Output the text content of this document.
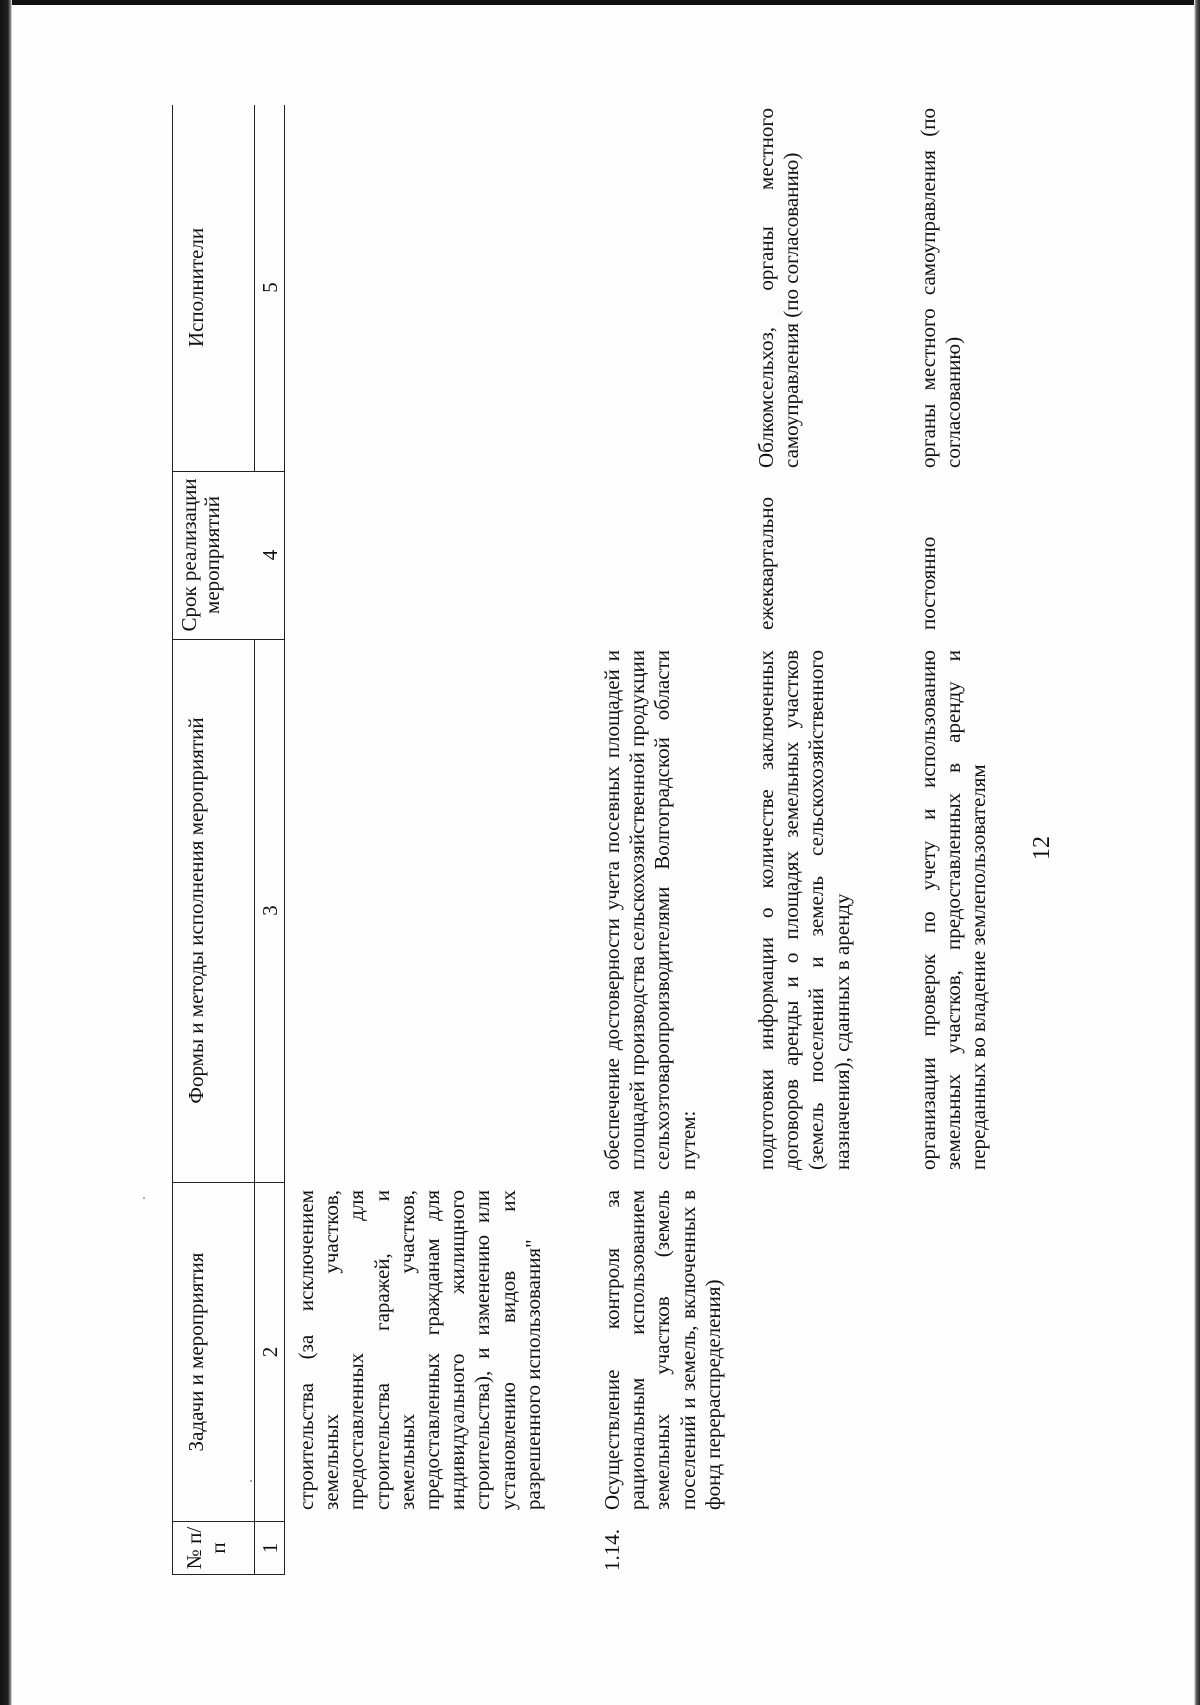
12
№ п/п
Задачи и мероприятия
Формы и методы исполнения мероприятий
Срок реализации мероприятий
Исполнители
1
2
3
4
5
строительства (за исключением земельных участков, предоставленных для строительства гаражей, и земельных участков, предоставленных гражданам для индивидуального жилищного строительства), и изменению или установлению видов их разрешенного использования"
1.14.
Осуществление контроля за рациональным использованием земельных участков (земель поселений и земель, включенных в фонд перераспределения)
обеспечение достоверности учета посевных площадей и площадей производства сельскохозяйственной продукции сельхозтоваропроизводителями Волгоградской области путем:	подготовки информации о количестве заключенных договоров аренды и о площадях земельных участков (земель поселений и земель сельскохозяйственного назначения), сданных в аренду
ежеквартально
Облкомсельхоз, органы местного самоуправления (по согласованию)
организации проверок по учету и использованию земельных участков, предоставленных в аренду и переданных во владение землепользователям
постоянно
органы местного самоуправления (по согласованию)
